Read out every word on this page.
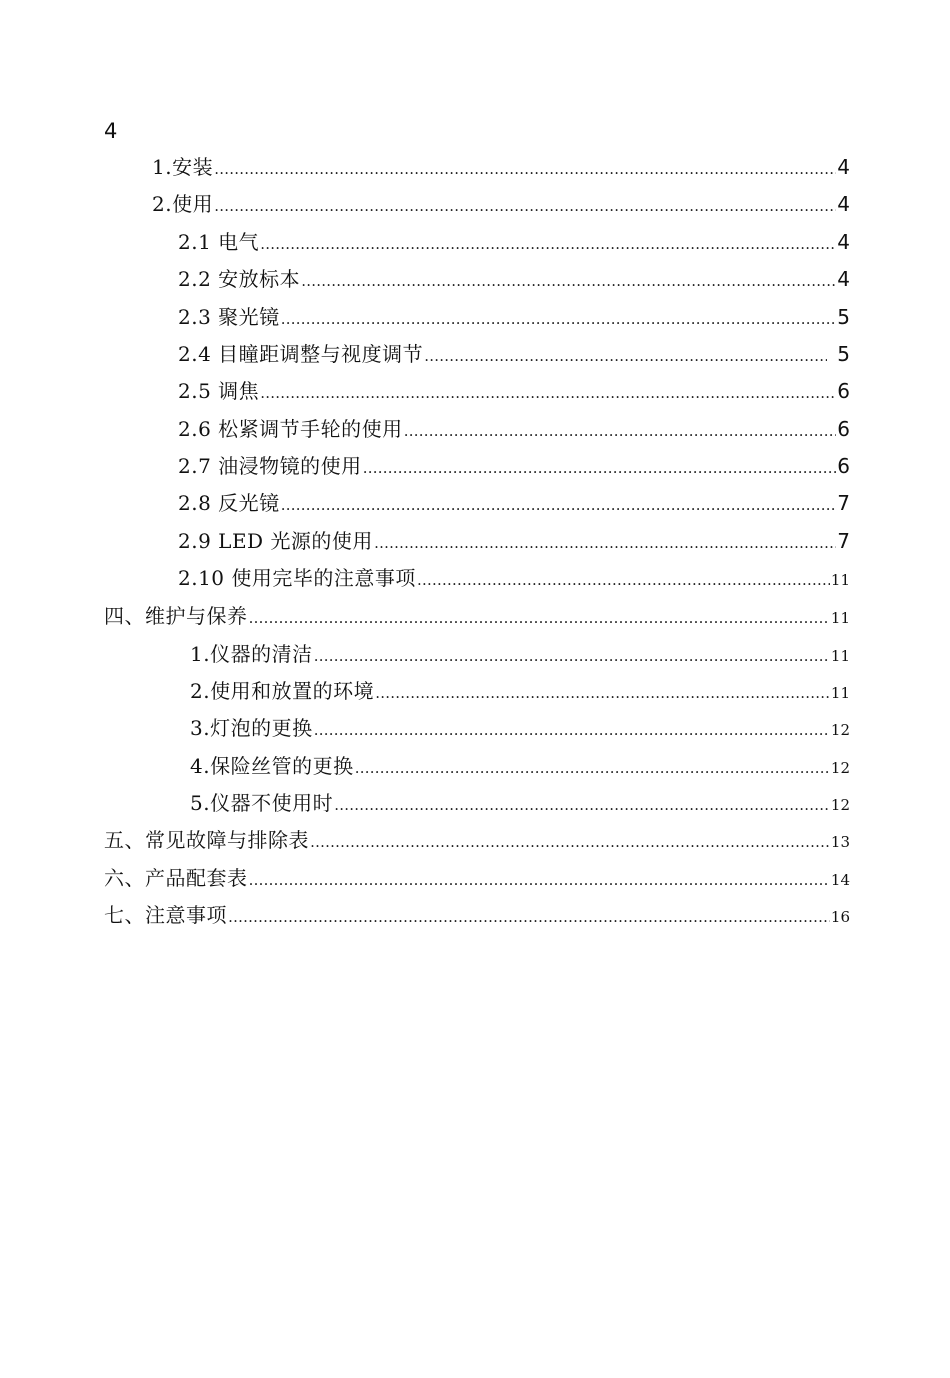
4
1.安装 ……………………………………………………………………………………………………………………………………………………………………………………………………………………………………	4
2.使用 ……………………………………………………………………………………………………………………………………………………………………………………………………………………………………	4
2.1 电气 ……………………………………………………………………………………………………………………………………………………………………………………………………………………………………	4
2.2 安放标本 ……………………………………………………………………………………………………………………………………………………………………………………………………………………………………	4
2.3 聚光镜 ……………………………………………………………………………………………………………………………………………………………………………………………………………………………………	5
2.4 目瞳距调整与视度调节 ……………………………………………………………………………………………………………………………………………………………………………………………………………………………………	5
2.5 调焦 ……………………………………………………………………………………………………………………………………………………………………………………………………………………………………	6
2.6 松紧调节手轮的使用 ……………………………………………………………………………………………………………………………………………………………………………………………………………………………………	6
2.7 油浸物镜的使用 ……………………………………………………………………………………………………………………………………………………………………………………………………………………………………	6
2.8 反光镜 ……………………………………………………………………………………………………………………………………………………………………………………………………………………………………	7
2.9 LED 光源的使用 ……………………………………………………………………………………………………………………………………………………………………………………………………………………………………	7
2.10 使用完毕的注意事项 ……………………………………………………………………………………………………………………………………………………………………………………………………………………………………	11
四、维护与保养 ……………………………………………………………………………………………………………………………………………………………………………………………………………………………………	11
1.仪器的清洁 ……………………………………………………………………………………………………………………………………………………………………………………………………………………………………	11
2.使用和放置的环境 ……………………………………………………………………………………………………………………………………………………………………………………………………………………………………	11
3.灯泡的更换 ……………………………………………………………………………………………………………………………………………………………………………………………………………………………………	12
4.保险丝管的更换 ……………………………………………………………………………………………………………………………………………………………………………………………………………………………………	12
5.仪器不使用时 ……………………………………………………………………………………………………………………………………………………………………………………………………………………………………	12
五、常见故障与排除表 ……………………………………………………………………………………………………………………………………………………………………………………………………………………………………	13
六、产品配套表 ……………………………………………………………………………………………………………………………………………………………………………………………………………………………………	14
七、注意事项 ……………………………………………………………………………………………………………………………………………………………………………………………………………………………………	16
